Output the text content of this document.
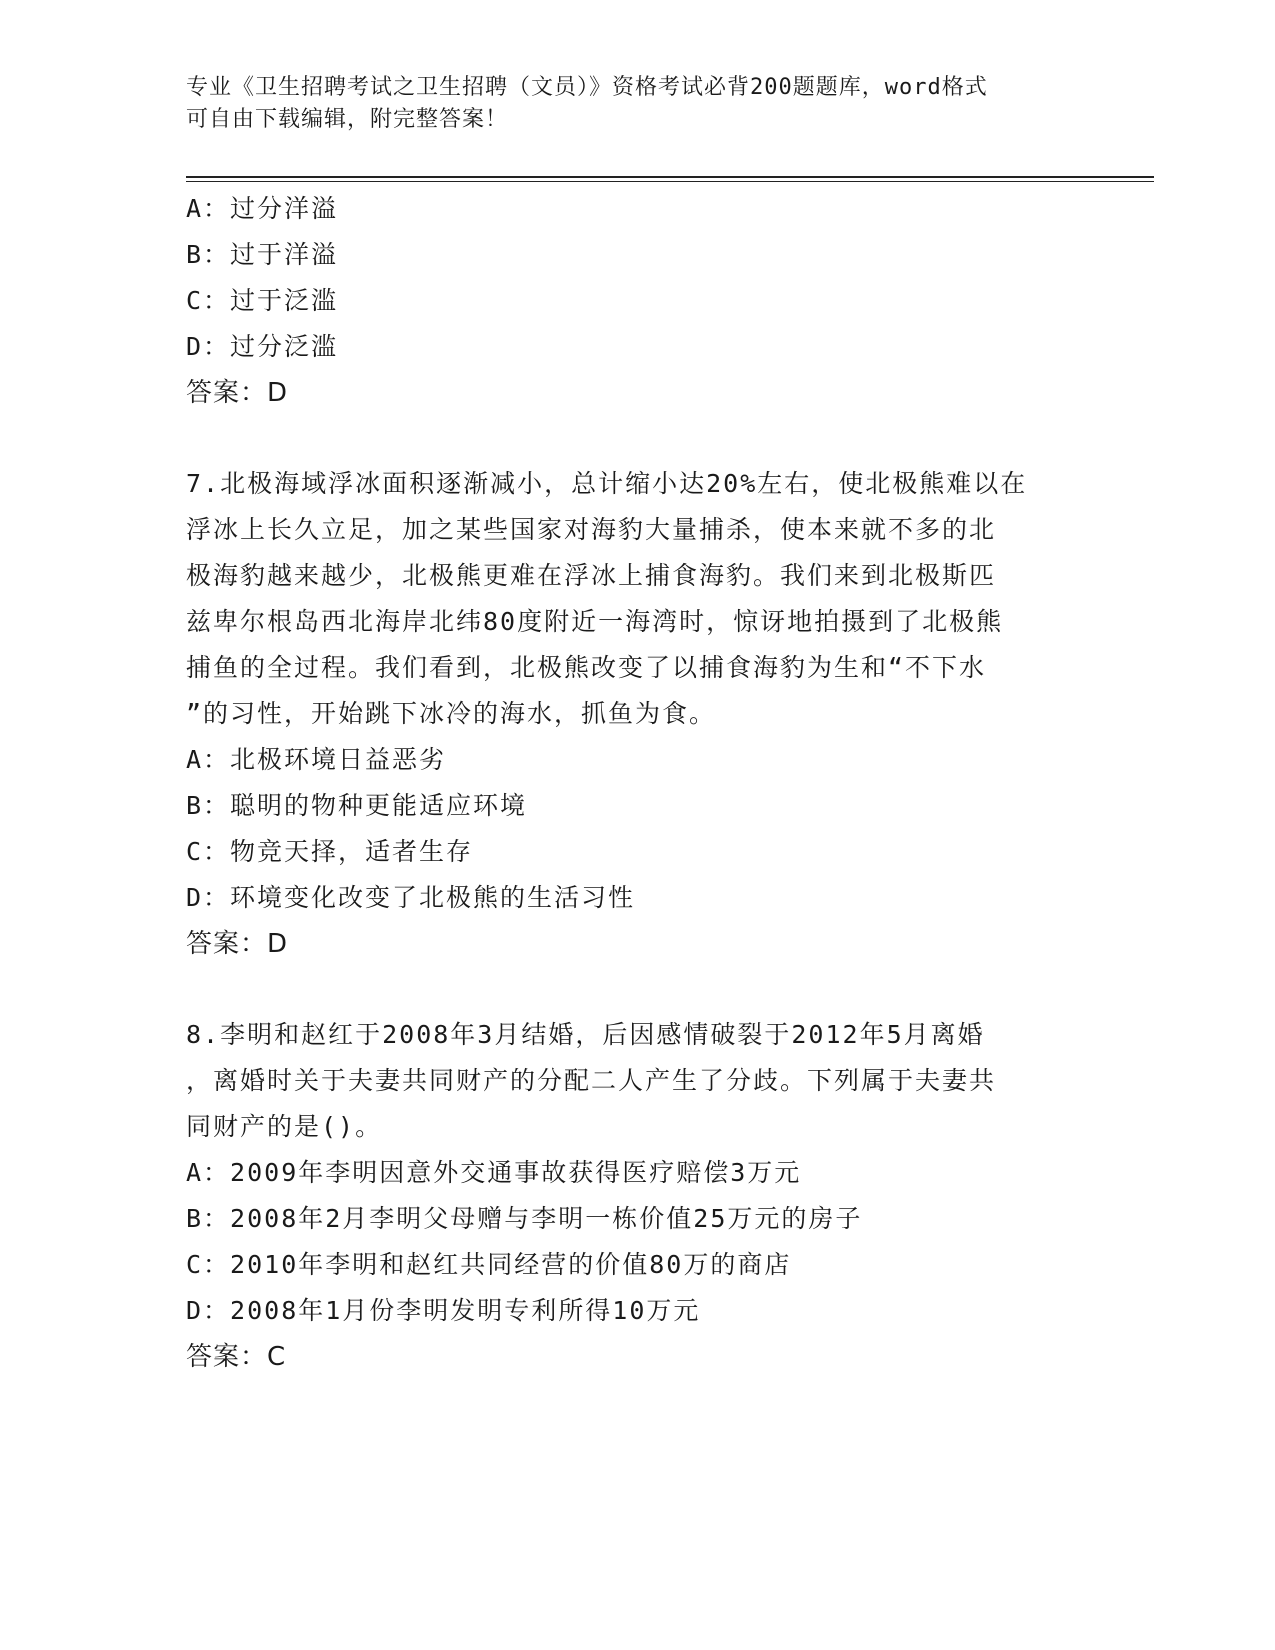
专业《卫生招聘考试之卫生招聘（文员）》资格考试必背200题题库，word格式
可自由下载编辑，附完整答案！
A：过分洋溢
B：过于洋溢
C：过于泛滥
D：过分泛滥
答案：D
7.北极海域浮冰面积逐渐减小，总计缩小达20%左右，使北极熊难以在
浮冰上长久立足，加之某些国家对海豹大量捕杀，使本来就不多的北
极海豹越来越少，北极熊更难在浮冰上捕食海豹。我们来到北极斯匹
兹卑尔根岛西北海岸北纬80度附近一海湾时，惊讶地拍摄到了北极熊
捕鱼的全过程。我们看到，北极熊改变了以捕食海豹为生和“不下水
”的习性，开始跳下冰冷的海水，抓鱼为食。
A：北极环境日益恶劣
B：聪明的物种更能适应环境
C：物竞天择，适者生存
D：环境变化改变了北极熊的生活习性
答案：D
8.李明和赵红于2008年3月结婚，后因感情破裂于2012年5月离婚
，离婚时关于夫妻共同财产的分配二人产生了分歧。下列属于夫妻共
同财产的是()。
A：2009年李明因意外交通事故获得医疗赔偿3万元
B：2008年2月李明父母赠与李明一栋价值25万元的房子
C：2010年李明和赵红共同经营的价值80万的商店
D：2008年1月份李明发明专利所得10万元
答案：C
